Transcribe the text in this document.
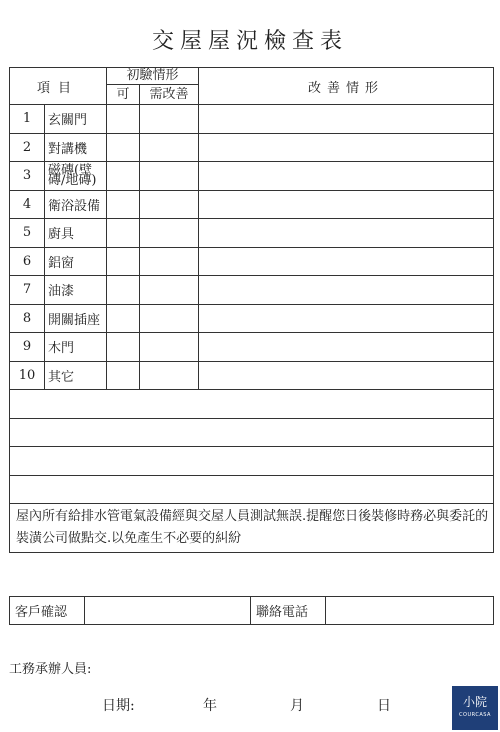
交屋屋況檢查表
項目		初驗情形		改善情形
		可	需改善	
1	玄關門			
2	對講機			
3	磁磚(壁磚/地磚)			
4	衛浴設備			
5	廚具			
6	鋁窗			
7	油漆			
8	開關插座			
9	木門			
10	其它			

屋內所有給排水管電氣設備經與交屋人員測試無誤.提醒您日後裝修時務必與委託的裝潢公司做點交.以免產生不必要的糾紛				
客戶確認		聯絡電話	
工務承辦人員:
日期:	年	月	日	小院
COURCASA
